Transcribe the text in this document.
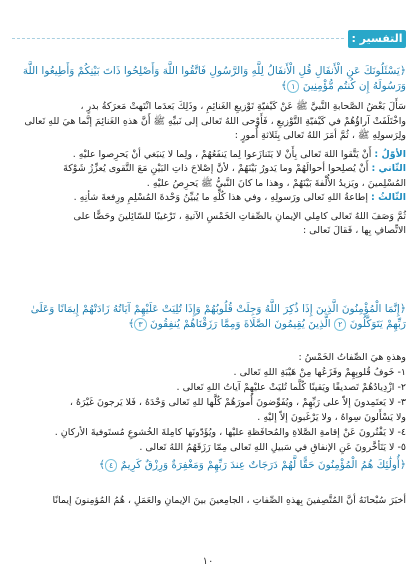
التفسير :

﴿يَسْئَلُونَكَ عَنِ الْأَنفَالِ قُلِ الْأَنفَالُ لِلَّهِ وَالرَّسُولِ فَاتَّقُوا اللَّهَ وَأَصْلِحُوا ذَاتَ بَيْنِكُمْ وَأَطِيعُوا اللَّهَ وَرَسُولَهُ إِن كُنتُم مُّؤْمِنِينَ ١﴾

سَأَلَ بَعْضُ الصَّحابةِ النَّبيَّ ﷺ عَنْ كَيْفيّةِ تَوْزيعِ الغَنائِمِ ، وذَلِكَ بَعدَما انْتَهتْ مَعرَكةُ بدرٍ ،

واخْتَلَفَتْ آراؤُهُمْ في كَيْفيّةِ التَّوْزيعِ ، فَأَوْحى اللهُ تَعالى إلى نَبيِّهِ ﷺ أَنَّ هذهِ الغَنائِمَ إنَّما هيَ للهِ تَعالى

ولِرَسولِهِ ﷺ ، ثُمَّ أمَرَ اللهُ تَعالى بِثَلاثةِ أُمورٍ :

الأوّلُ : أَنْ يَتَّقوا اللهَ تَعالى بِأَنْ لا يَتَنازَعوا لِما يَنفَعُهُمْ ، ولِما لا يَنبَغي أنْ يَحرِصوا عليْهِ .

الثّاني : أَنْ يُصلِحوا أحوالَهُمْ وما يَدورُ بَيْنَهُمْ ، لأنَّ إصْلاحَ ذاتِ البَيْنِ مَعَ التَّقوى يُعزِّزُ شَوْكةَ

المُسْلِمينَ ، ويَزيدُ الأُلْفةَ بَيْنَهُمْ ، وهذا ما كانَ النَّبيُّ ﷺ يَحرِصُ عليْهِ .

الثّالثُ : إطاعةُ اللهِ تَعالى ورَسولِهِ ، وفي هذا كُلِّهِ ما يُبيِّنُ وَحْدةَ المُسْلِمِ ورِفعةَ شأنِهِ .

ثُمَّ وَصَفَ اللهُ تَعالى كامِلي الإيمانِ بالصِّفاتِ الخَمْسِ الآتيةِ ، تَرْغيبًا للسّائِلينَ وحَضًّا على

الاتِّصافِ بِها ، فَقالَ تَعالى :

﴿إِنَّمَا الْمُؤْمِنُونَ الَّذِينَ إِذَا ذُكِرَ اللَّهُ وَجِلَتْ قُلُوبُهُمْ وَإِذَا تُلِيَتْ عَلَيْهِمْ آيَاتُهُ زَادَتْهُمْ إِيمَانًا وَعَلَىٰ رَبِّهِمْ يَتَوَكَّلُونَ ٢ الَّذِينَ يُقِيمُونَ الصَّلَاةَ وَمِمَّا رَزَقْنَاهُمْ يُنفِقُونَ ٣﴾

وهذهِ هيَ الصِّفاتُ الخَمْسُ :

١- خَوفُ قُلوبِهِمْ وفَزَعُها مِنْ هَيْبَةِ اللهِ تَعالى .

٢- ازْدِيادُهُمْ تَصديقًا ويَقينًا كُلَّما تُليَتْ عليْهِمْ آياتُ اللهِ تَعالى .

٣- لا يَعتَمِدونَ إلاّ على رَبِّهِمْ ، ويُفَوِّضونَ أُمورَهُمْ كُلَّها للهِ تَعالى وَحْدَهُ ، فَلا يَرجونَ غَيْرَهُ ،

ولا يَسْأَلونَ سِواهُ ، ولا يَرْغَبونَ إلاّ إليْهِ .

٤- لا يَفْتُرونَ عَنْ إقامةِ الصَّلاةِ والمُحافَظةِ عليْها ، ويُؤَدّونَها كامِلةَ الخُشوعِ مُستَوفيةَ الأركانِ .

٥- لا يَتَأخَّرونَ عَنِ الإنفاقِ في سَبيلِ اللهِ تَعالى مِمّا رَزَقَهُمُ اللهُ تَعالى .

﴿أُولَٰئِكَ هُمُ الْمُؤْمِنُونَ حَقًّا لَّهُمْ دَرَجَاتٌ عِندَ رَبِّهِمْ وَمَغْفِرَةٌ وَرِزْقٌ كَرِيمٌ ٤﴾

أخبَرَ سُبْحانَهُ أنَّ المُتَّصِفينَ بِهذهِ الصِّفاتِ ، الجامِعينَ بينَ الإيمانِ والعَمَلِ ، هُمُ المُؤمِنونَ إيمانًا

١٠
